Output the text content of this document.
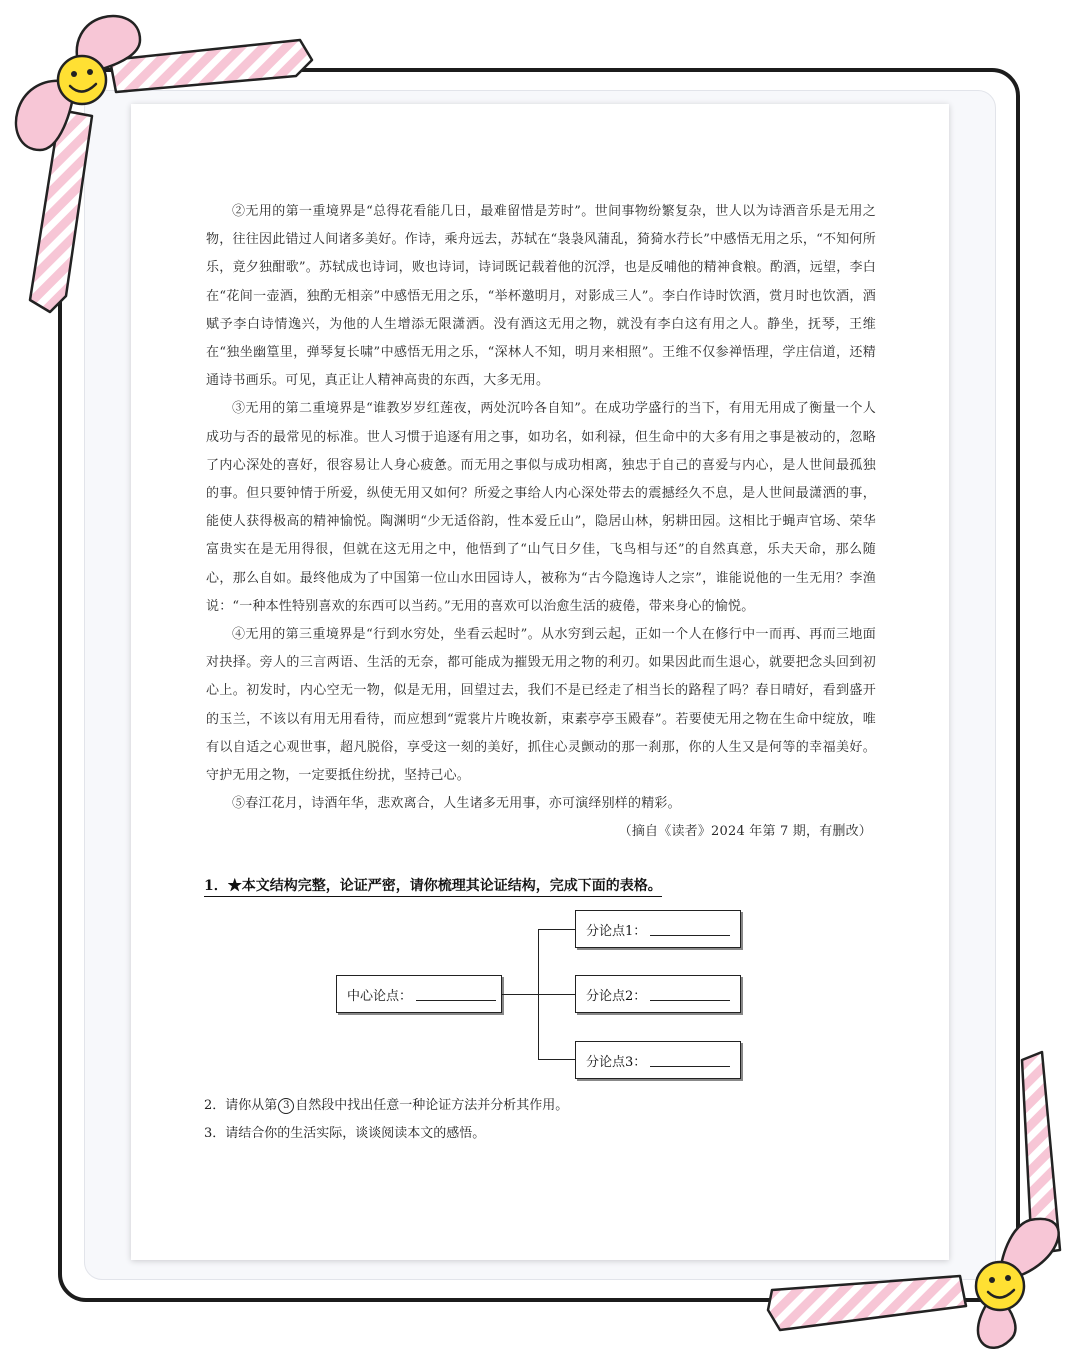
②无用的第一重境界是“总得花看能几日，最难留惜是芳时”。世间事物纷繁复杂，世人以为诗酒音乐是无用之物，往往因此错过人间诸多美好。作诗，乘舟远去，苏轼在“袅袅风蒲乱，猗猗水荇长”中感悟无用之乐，“不知何所乐，竟夕独酣歌”。苏轼成也诗词，败也诗词，诗词既记载着他的沉浮，也是反哺他的精神食粮。酌酒，远望，李白在“花间一壶酒，独酌无相亲”中感悟无用之乐，“举杯邀明月，对影成三人”。李白作诗时饮酒，赏月时也饮酒，酒赋予李白诗情逸兴，为他的人生增添无限潇洒。没有酒这无用之物，就没有李白这有用之人。静坐，抚琴，王维在“独坐幽篁里，弹琴复长啸”中感悟无用之乐，“深林人不知，明月来相照”。王维不仅参禅悟理，学庄信道，还精通诗书画乐。可见，真正让人精神高贵的东西，大多无用。

③无用的第二重境界是“谁教岁岁红莲夜，两处沉吟各自知”。在成功学盛行的当下，有用无用成了衡量一个人成功与否的最常见的标准。世人习惯于追逐有用之事，如功名，如利禄，但生命中的大多有用之事是被动的，忽略了内心深处的喜好，很容易让人身心疲惫。而无用之事似与成功相离，独忠于自己的喜爱与内心，是人世间最孤独的事。但只要钟情于所爱，纵使无用又如何？所爱之事给人内心深处带去的震撼经久不息，是人世间最潇洒的事，能使人获得极高的精神愉悦。陶渊明“少无适俗韵，性本爱丘山”，隐居山林，躬耕田园。这相比于蝇声官场、荣华富贵实在是无用得很，但就在这无用之中，他悟到了“山气日夕佳，飞鸟相与还”的自然真意，乐夫天命，那么随心，那么自如。最终他成为了中国第一位山水田园诗人，被称为“古今隐逸诗人之宗”，谁能说他的一生无用？李渔说：“一种本性特别喜欢的东西可以当药。”无用的喜欢可以治愈生活的疲倦，带来身心的愉悦。

④无用的第三重境界是“行到水穷处，坐看云起时”。从水穷到云起，正如一个人在修行中一而再、再而三地面对抉择。旁人的三言两语、生活的无奈，都可能成为摧毁无用之物的利刃。如果因此而生退心，就要把念头回到初心上。初发时，内心空无一物，似是无用，回望过去，我们不是已经走了相当长的路程了吗？春日晴好，看到盛开的玉兰，不该以有用无用看待，而应想到“霓裳片片晚妆新，束素亭亭玉殿春”。若要使无用之物在生命中绽放，唯有以自适之心观世事，超凡脱俗，享受这一刻的美好，抓住心灵颤动的那一刹那，你的人生又是何等的幸福美好。守护无用之物，一定要抵住纷扰，坚持己心。

⑤春江花月，诗酒年华，悲欢离合，人生诸多无用事，亦可演绎别样的精彩。

（摘自《读者》2024 年第 7 期，有删改）

1．★本文结构完整，论证严密，请你梳理其论证结构，完成下面的表格。
中心论点：
分论点1：
分论点2：
分论点3：
2．请你从第 3 自然段中找出任意一种论证方法并分析其作用。
3．请结合你的生活实际，谈谈阅读本文的感悟。
